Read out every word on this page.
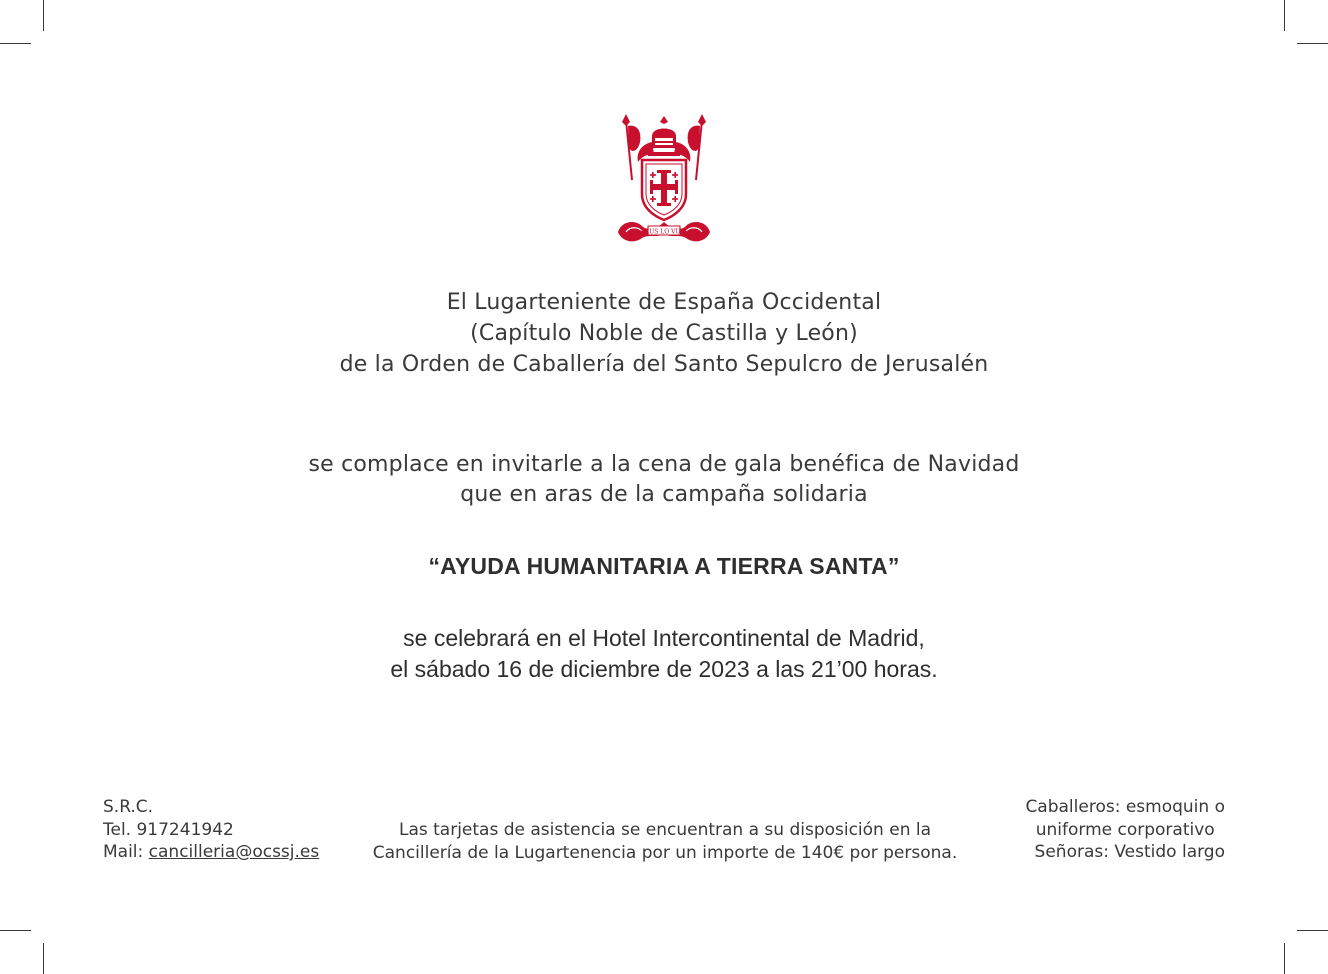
DEUS LO VULT
El Lugarteniente de España Occidental
(Capítulo Noble de Castilla y León)
de la Orden de Caballería del Santo Sepulcro de Jerusalén
se complace en invitarle a la cena de gala benéfica de Navidad
que en aras de la campaña solidaria
“AYUDA HUMANITARIA A TIERRA SANTA”
se celebrará en el Hotel Intercontinental de Madrid,
el sábado 16 de diciembre de 2023 a las 21’00 horas.
S.R.C.
Tel. 917241942
Mail: cancilleria@ocssj.es
Las tarjetas de asistencia se encuentran a su disposición en la
Cancillería de la Lugartenencia por un importe de 140€ por persona.
Caballeros: esmoquin o
uniforme corporativo
Señoras: Vestido largo
